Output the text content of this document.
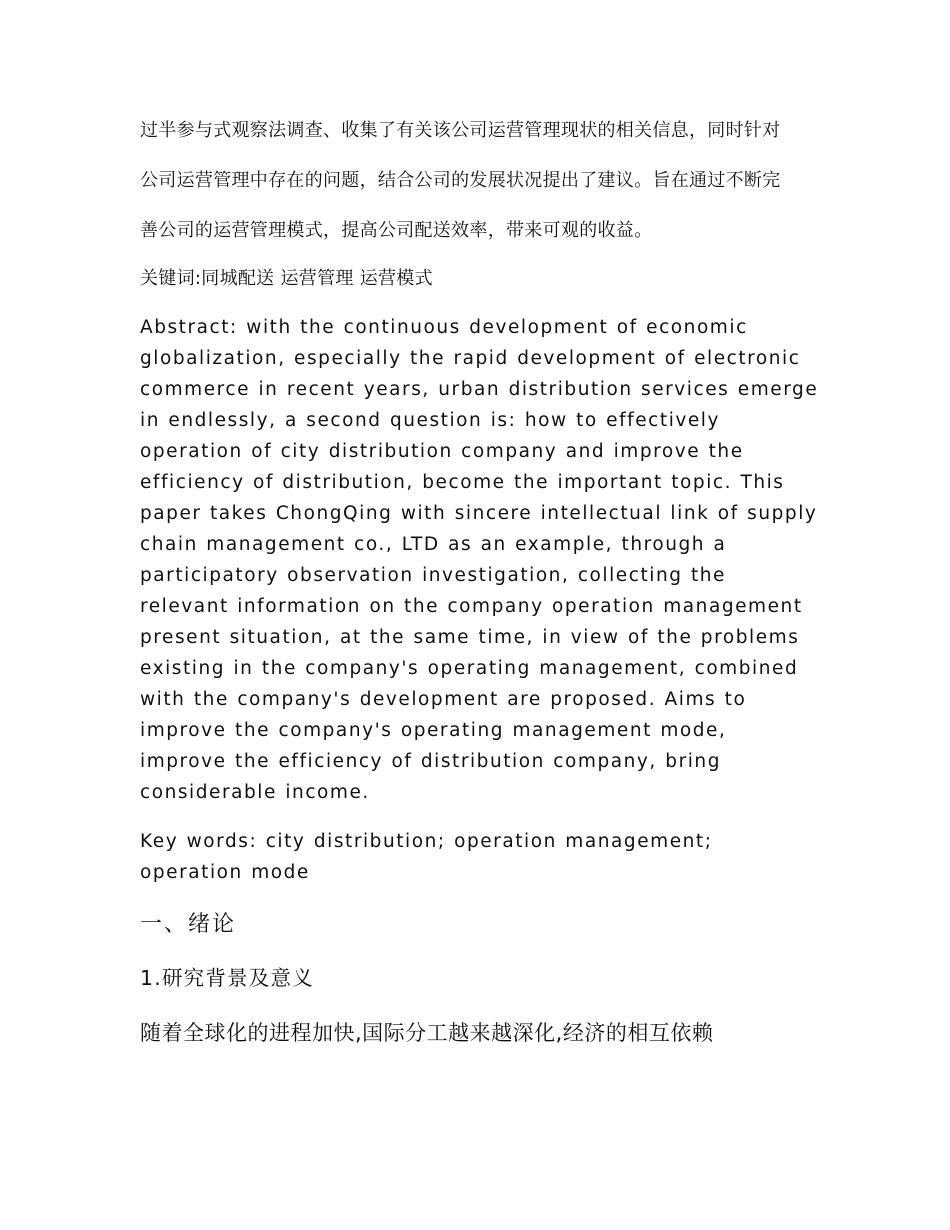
过半参与式观察法调查、收集了有关该公司运营管理现状的相关信息，同时针对

公司运营管理中存在的问题，结合公司的发展状况提出了建议。旨在通过不断完

善公司的运营管理模式，提高公司配送效率，带来可观的收益。

关键词:同城配送 运营管理 运营模式

Abstract: with the continuous development of economic globalization, especially the rapid development of electronic commerce in recent years, urban distribution services emerge in endlessly, a second question is: how to effectively operation of city distribution company and improve the efficiency of distribution, become the important topic. This paper takes ChongQing with sincere intellectual link of supply chain management co., LTD as an example, through a participatory observation investigation, collecting the relevant information on the company operation management present situation, at the same time, in view of the problems existing in the company's operating management, combined with the company's development are proposed. Aims to improve the company's operating management mode, improve the efficiency of distribution company, bring considerable income.

Key words: city distribution; operation management; operation mode

一、绪论
1.研究背景及意义

随着全球化的进程加快,国际分工越来越深化,经济的相互依赖
